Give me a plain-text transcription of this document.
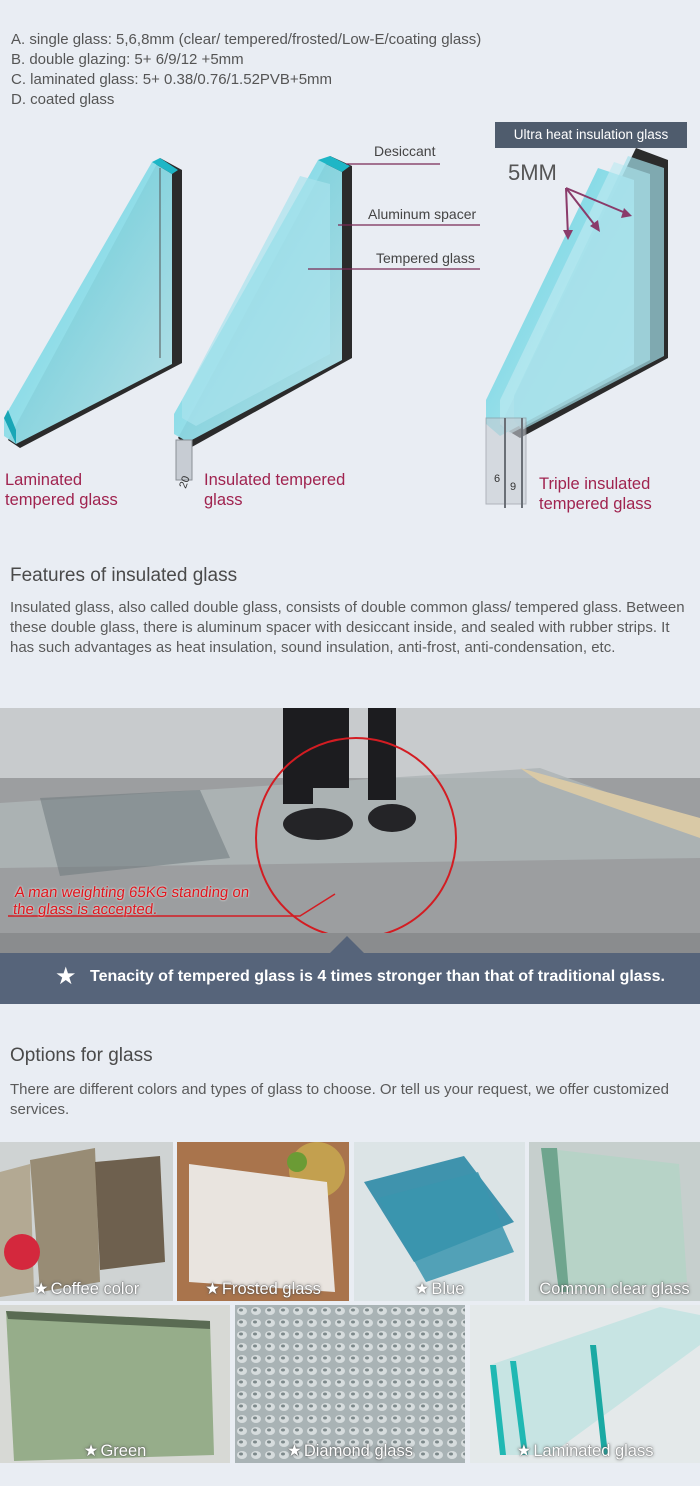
A. single glass: 5,6,8mm (clear/ tempered/frosted/Low-E/coating glass)
B. double glazing: 5+ 6/9/12 +5mm
C. laminated glass: 5+ 0.38/0.76/1.52PVB+5mm
D. coated glass
20	6
9
Ultra heat insulation glass
5MM
Desiccant
Aluminum spacer
Tempered glass
Laminated
tempered glass
Insulated tempered
glass
Triple insulated
tempered glass
Features of insulated glass
Insulated glass, also called double glass, consists of double common glass/ tempered glass. Between these double glass, there is aluminum spacer with desiccant inside, and sealed with rubber strips. It has such advantages as heat insulation, sound insulation, anti-frost, anti-condensation, etc.
A man weighting 65KG standing on
the glass is accepted.
★ Tenacity of tempered glass is 4 times stronger than that of traditional glass.
Options for glass
There are different colors and types of glass to choose. Or tell us your request, we offer customized services.
★ Coffee color	★ Frosted glass	★ Blue	Common clear glass
★ Green	★ Diamond glass	★ Laminated glass
